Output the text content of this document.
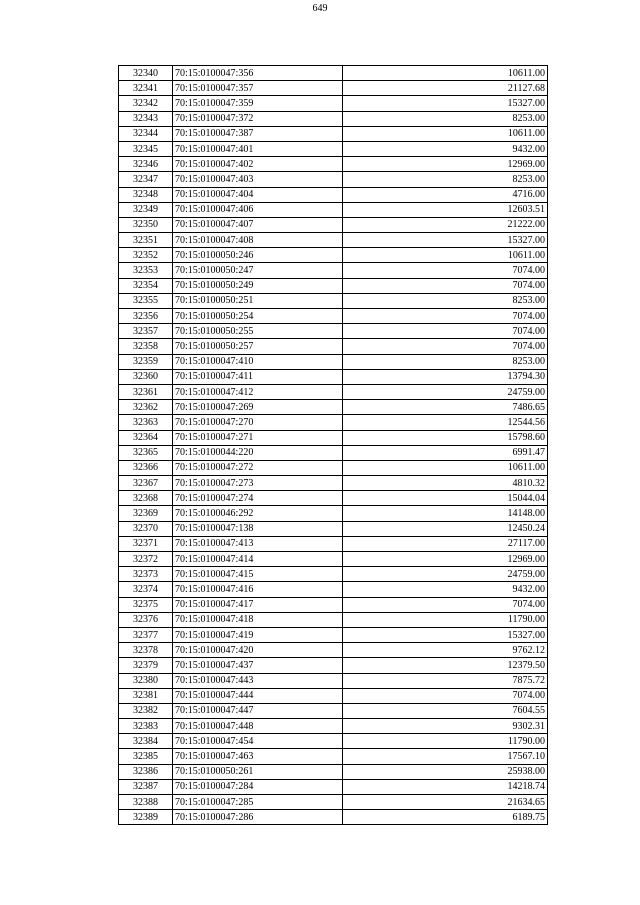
649
32340	70:15:0100047:356	10611.00
32341	70:15:0100047:357	21127.68
32342	70:15:0100047:359	15327.00
32343	70:15:0100047:372	8253.00
32344	70:15:0100047:387	10611.00
32345	70:15:0100047:401	9432.00
32346	70:15:0100047:402	12969.00
32347	70:15:0100047:403	8253.00
32348	70:15:0100047:404	4716.00
32349	70:15:0100047:406	12603.51
32350	70:15:0100047:407	21222.00
32351	70:15:0100047:408	15327.00
32352	70:15:0100050:246	10611.00
32353	70:15:0100050:247	7074.00
32354	70:15:0100050:249	7074.00
32355	70:15:0100050:251	8253.00
32356	70:15:0100050:254	7074.00
32357	70:15:0100050:255	7074.00
32358	70:15:0100050:257	7074.00
32359	70:15:0100047:410	8253.00
32360	70:15:0100047:411	13794.30
32361	70:15:0100047:412	24759.00
32362	70:15:0100047:269	7486.65
32363	70:15:0100047:270	12544.56
32364	70:15:0100047:271	15798.60
32365	70:15:0100044:220	6991.47
32366	70:15:0100047:272	10611.00
32367	70:15:0100047:273	4810.32
32368	70:15:0100047:274	15044.04
32369	70:15:0100046:292	14148.00
32370	70:15:0100047:138	12450.24
32371	70:15:0100047:413	27117.00
32372	70:15:0100047:414	12969.00
32373	70:15:0100047:415	24759.00
32374	70:15:0100047:416	9432.00
32375	70:15:0100047:417	7074.00
32376	70:15:0100047:418	11790.00
32377	70:15:0100047:419	15327.00
32378	70:15:0100047:420	9762.12
32379	70:15:0100047:437	12379.50
32380	70:15:0100047:443	7875.72
32381	70:15:0100047:444	7074.00
32382	70:15:0100047:447	7604.55
32383	70:15:0100047:448	9302.31
32384	70:15:0100047:454	11790.00
32385	70:15:0100047:463	17567.10
32386	70:15:0100050:261	25938.00
32387	70:15:0100047:284	14218.74
32388	70:15:0100047:285	21634.65
32389	70:15:0100047:286	6189.75
